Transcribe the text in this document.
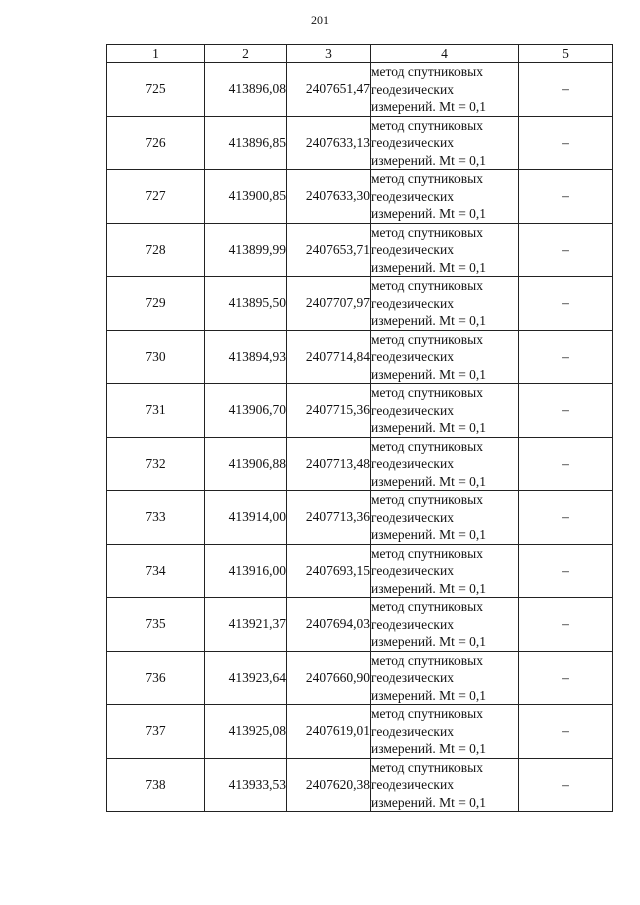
201
1	2	3	4	5
725	413896,08	2407651,47	метод спутниковых геодезических измерений. Mt = 0,1	–
726	413896,85	2407633,13	метод спутниковых геодезических измерений. Mt = 0,1	–
727	413900,85	2407633,30	метод спутниковых геодезических измерений. Mt = 0,1	–
728	413899,99	2407653,71	метод спутниковых геодезических измерений. Mt = 0,1	–
729	413895,50	2407707,97	метод спутниковых геодезических измерений. Mt = 0,1	–
730	413894,93	2407714,84	метод спутниковых геодезических измерений. Mt = 0,1	–
731	413906,70	2407715,36	метод спутниковых геодезических измерений. Mt = 0,1	–
732	413906,88	2407713,48	метод спутниковых геодезических измерений. Mt = 0,1	–
733	413914,00	2407713,36	метод спутниковых геодезических измерений. Mt = 0,1	–
734	413916,00	2407693,15	метод спутниковых геодезических измерений. Mt = 0,1	–
735	413921,37	2407694,03	метод спутниковых геодезических измерений. Mt = 0,1	–
736	413923,64	2407660,90	метод спутниковых геодезических измерений. Mt = 0,1	–
737	413925,08	2407619,01	метод спутниковых геодезических измерений. Mt = 0,1	–
738	413933,53	2407620,38	метод спутниковых геодезических измерений. Mt = 0,1	–
